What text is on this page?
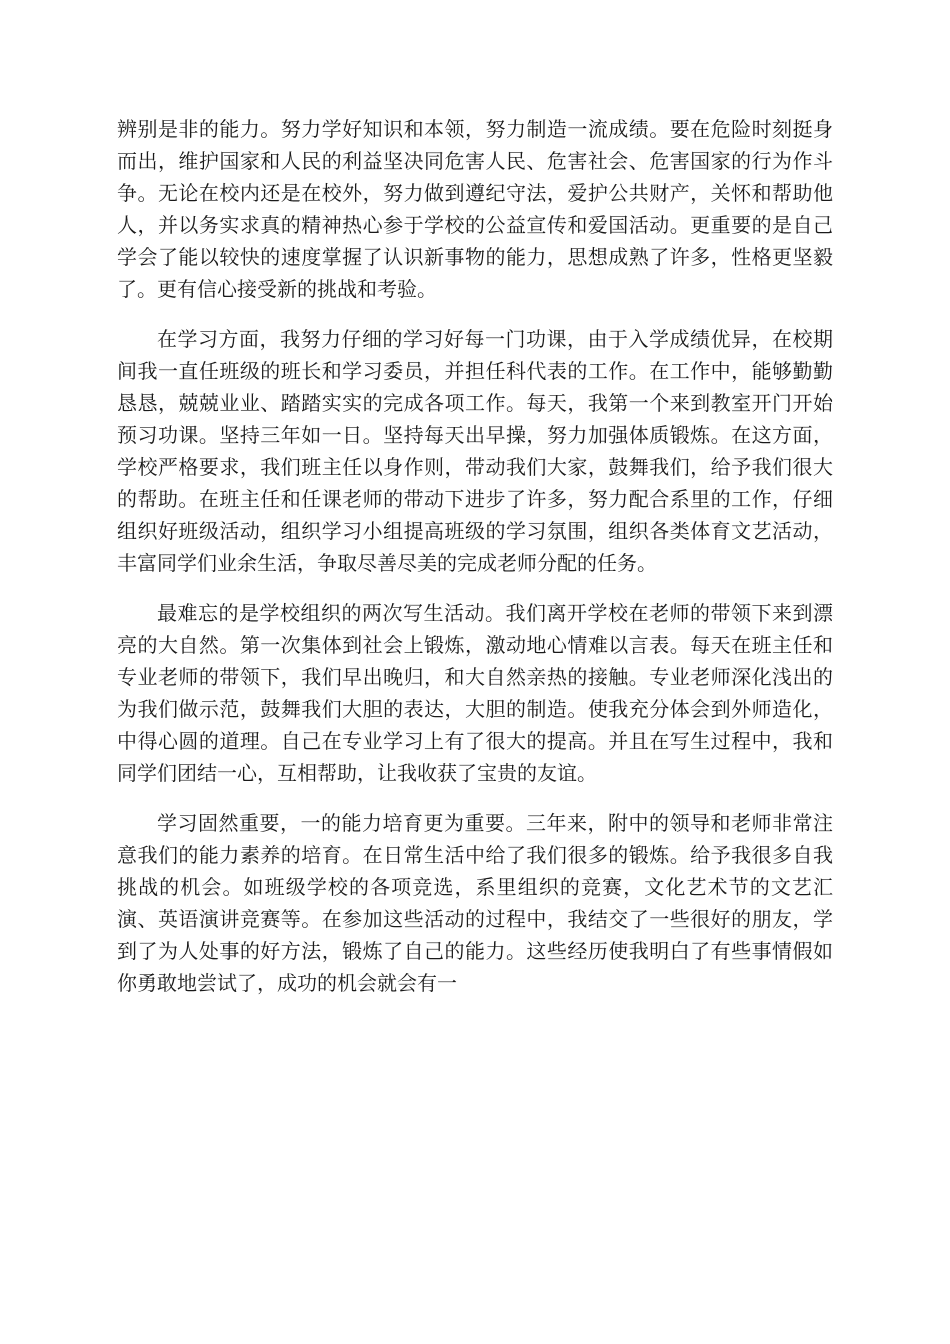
辨别是非的能力。努力学好知识和本领，努力制造一流成绩。要在危险时刻挺身而出，维护国家和人民的利益坚决同危害人民、危害社会、危害国家的行为作斗争。无论在校内还是在校外，努力做到遵纪守法，爱护公共财产，关怀和帮助他人，并以务实求真的精神热心参于学校的公益宣传和爱国活动。更重要的是自己学会了能以较快的速度掌握了认识新事物的能力，思想成熟了许多，性格更坚毅了。更有信心接受新的挑战和考验。

在学习方面，我努力仔细的学习好每一门功课，由于入学成绩优异，在校期间我一直任班级的班长和学习委员，并担任科代表的工作。在工作中，能够勤勤恳恳，兢兢业业、踏踏实实的完成各项工作。每天，我第一个来到教室开门开始预习功课。坚持三年如一日。坚持每天出早操，努力加强体质锻炼。在这方面，学校严格要求，我们班主任以身作则，带动我们大家，鼓舞我们，给予我们很大的帮助。在班主任和任课老师的带动下进步了许多，努力配合系里的工作，仔细组织好班级活动，组织学习小组提高班级的学习氛围，组织各类体育文艺活动，丰富同学们业余生活，争取尽善尽美的完成老师分配的任务。

最难忘的是学校组织的两次写生活动。我们离开学校在老师的带领下来到漂亮的大自然。第一次集体到社会上锻炼，激动地心情难以言表。每天在班主任和专业老师的带领下，我们早出晚归，和大自然亲热的接触。专业老师深化浅出的为我们做示范，鼓舞我们大胆的表达，大胆的制造。使我充分体会到外师造化，中得心圆的道理。自己在专业学习上有了很大的提高。并且在写生过程中，我和同学们团结一心，互相帮助，让我收获了宝贵的友谊。

学习固然重要，一的能力培育更为重要。三年来，附中的领导和老师非常注意我们的能力素养的培育。在日常生活中给了我们很多的锻炼。给予我很多自我挑战的机会。如班级学校的各项竞选，系里组织的竞赛，文化艺术节的文艺汇演、英语演讲竞赛等。在参加这些活动的过程中，我结交了一些很好的朋友，学到了为人处事的好方法，锻炼了自己的能力。这些经历使我明白了有些事情假如你勇敢地尝试了，成功的机会就会有一
